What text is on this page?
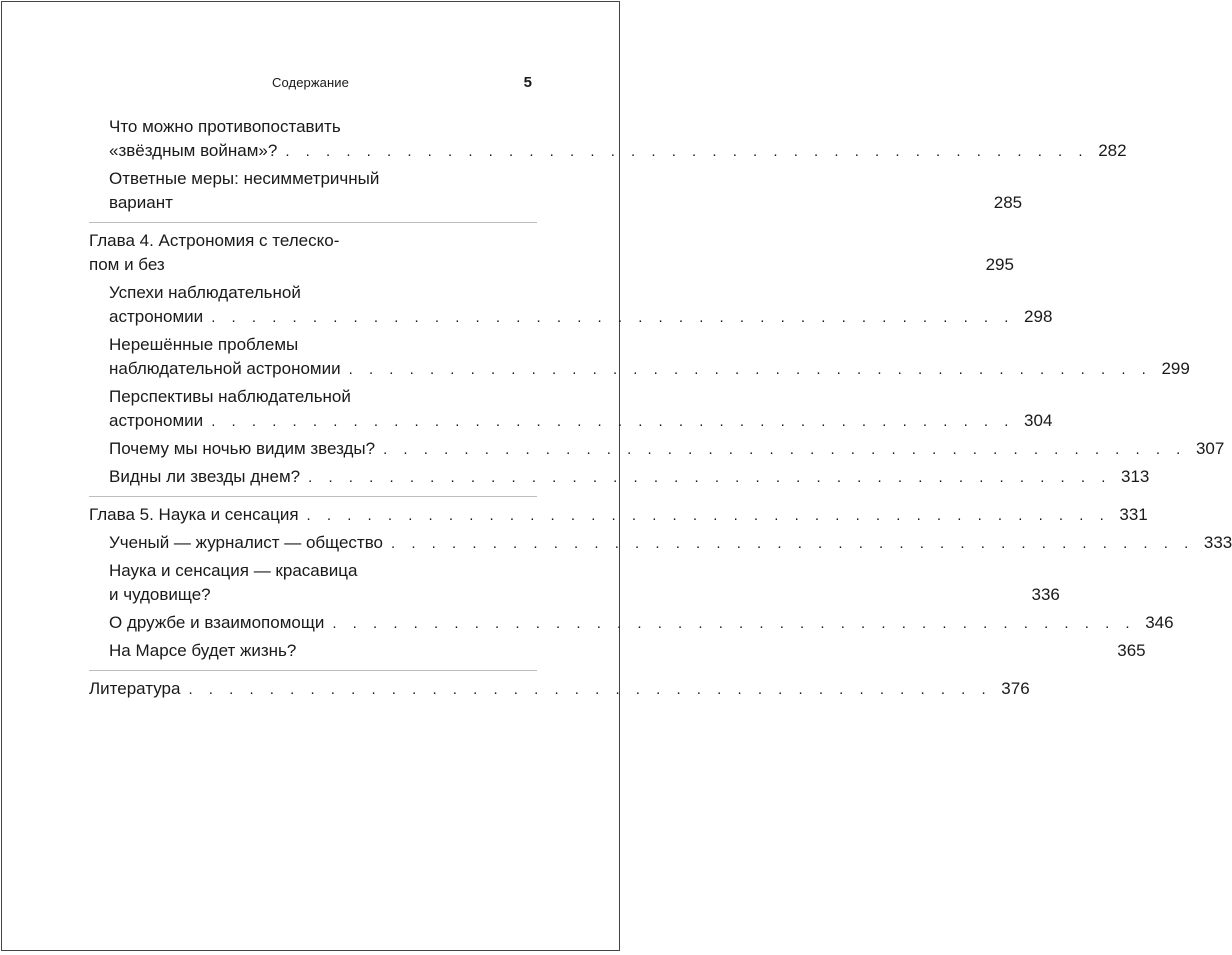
Содержание	5
Что можно противопоставить
«звёздным войнам»? . . . . . . . . . . . . . . . . . . . . . . . . . . . . . . . . . . . . . . . . 282
Ответные меры: несимметричный
вариант	285
Глава 4. Астрономия с телеско-
пом и без	295
Успехи наблюдательной
астрономии . . . . . . . . . . . . . . . . . . . . . . . . . . . . . . . . . . . . . . . . 298
Нерешённые проблемы
наблюдательной астрономии . . . . . . . . . . . . . . . . . . . . . . . . . . . . . . . . . . . . . . . . 299
Перспективы наблюдательной
астрономии . . . . . . . . . . . . . . . . . . . . . . . . . . . . . . . . . . . . . . . . 304
Почему мы ночью видим звезды? . . . . . . . . . . . . . . . . . . . . . . . . . . . . . . . . . . . . . . . . 307
Видны ли звезды днем? . . . . . . . . . . . . . . . . . . . . . . . . . . . . . . . . . . . . . . . . 313
Глава 5. Наука и сенсация . . . . . . . . . . . . . . . . . . . . . . . . . . . . . . . . . . . . . . . . 331
Ученый — журналист — общество . . . . . . . . . . . . . . . . . . . . . . . . . . . . . . . . . . . . . . . . 333
Наука и сенсация — красавица
и чудовище?	336
О дружбе и взаимопомощи . . . . . . . . . . . . . . . . . . . . . . . . . . . . . . . . . . . . . . . . 346
На Марсе будет жизнь?	365
Литература . . . . . . . . . . . . . . . . . . . . . . . . . . . . . . . . . . . . . . . . 376
